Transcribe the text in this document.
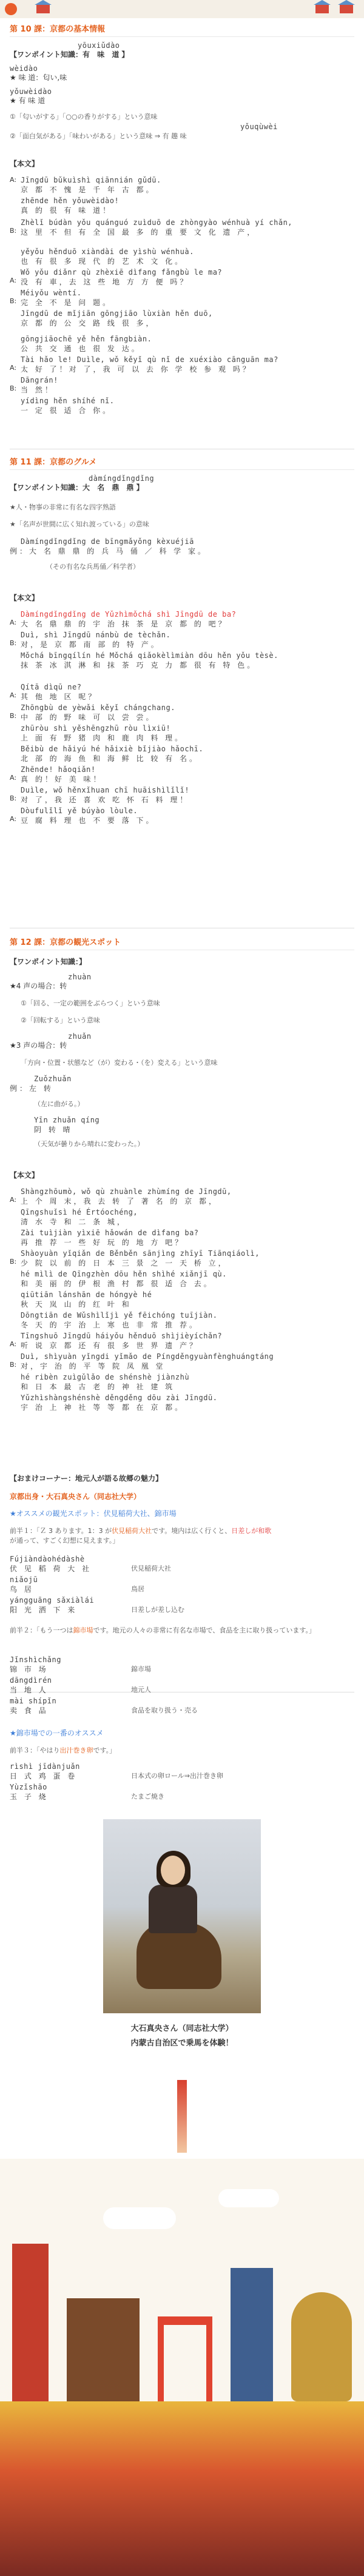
第 10 課：京都の基本情報
yōuxiǔdào
【ワンポイント知識：有 味 道】
wèidào
★ 味 道：匂い,味
yǒuwèidào
★ 有 味 道
①「匂いがする」「○○の香りがする」という意味
yǒuqùwèi
②「面白気がある」「味わいがある」という意味 ⇒ 有 趣 味
【本文】
A: Jīngdū bǔkuìshì qiānnián gǔdū.
京 都 不 愧 是 千 年 古 都。
zhēnde hěn yǒuwèidào!
真 的 很 有 味 道！
B:
Zhèlǐ búdàn yǒu quánguó zuìduō de zhòngyào wénhuà yí chǎn,
这 里 不 但 有 全 国 最 多 的 重 要 文 化 遗 产，
yěyǒu hěnduō xiàndài de yìshù wénhuà.
也 有 很 多 现 代 的 艺 术 文 化。
A:
Wǒ yǒu diǎnr qù zhèxiē dìfang fǎngbù le ma?
没 有 車，去 这 些 地 方 方 便 吗？
B:
Méiyǒu wèntí.
完 全 不 是 问 题。
Jīngdū de mǐjiān gōngjiāo lùxiàn hěn duō,
京 都 的 公 交 路 线 很 多，
gōngjiāochē yě hěn fāngbiàn.
公 共 交 通 也 很 发 达。
A:
Tài hǎo le! Duìle, wǒ kěyǐ qù nǐ de xuéxiào cānguān ma?
太 好 了！对 了，我 可 以 去 你 学 校 参 观 吗？
B:
Dāngrán!
当 然！
yídìng hěn shíhé nǐ.
一 定 很 适 合 你。
第 11 課：京都のグルメ
dàmíngdǐngdǐng
【ワンポイント知識：大 名 鼎 鼎】
★人・物事の非常に有名な四字熟語
★「名声が世間に広く知れ渡っている」の意味
Dàmíngdǐngdǐng de bīngmǎyǒng kèxuéjiā
例：大 名 鼎 鼎 的 兵 马 俑 ／ 科 学 家。
（その有名な兵馬俑／科学者）
【本文】
A:
Dàmíngdǐngdǐng de Yǔzhìmǒchá shì Jīngdū de ba?
大 名 鼎 鼎 的 宇 治 抹 茶 是 京 都 的 吧？
B:
Duì, shì Jīngdū nánbù de tèchǎn.
对，是 京 都 南 部 的 特 产。
Mǒchá bīngqílín hé Mǒchá qiǎokèlìmiàn dōu hěn yǒu tèsè.
抹 茶 冰 淇 淋 和 抹 茶 巧 克 力 都 很 有 特 色。
A:
Qítā dìqū ne?
其 他 地 区 呢？
B:
Zhōngbù de yèwǎi kěyǐ chángchang.
中 部 的 野 味 可 以 尝 尝。
zhūròu shì yěshēngzhū ròu lìxiū!
上 面 有 野 猪 肉 和 鹿 肉 料 理。
Běibù de hǎiyú hé hǎixiè bǐjiào hǎochī.
北 部 的 海 鱼 和 海 鲜 比 较 有 名。
A:
Zhēnde! hǎoqiǎn!
真 的！好 美 味！
B:
Duìle, wǒ hěnxǐhuan chī huāishìlǐlǐ!
对 了，我 还 喜 欢 吃 怀 石 料 理！
A:
Dòufulǐlǐ yě búyào lòule.
豆 腐 料 理 也 不 要 落 下。
第 12 課：京都の観光スポット
【ワンポイント知識：】
zhuàn
★4 声の場合：转
①「回る、一定の範囲をぶらつく」という意味
②「回転する」という意味
zhuǎn
★3 声の場合：转
「方向・位置・状態など（が）変わる・（を）変える」という意味
Zuǒzhuǎn
例：左 转
（左に曲がる。）
Yīn zhuǎn qíng
阴 转 晴
（天気が曇りから晴れに変わった。）
【本文】
A:
Shàngzhōumò, wǒ qù zhuànle zhùmíng de Jīngdū,
上 个 周 末，我 去 转 了 著 名 的 京 都，
Qīngshuǐsì hé Értóochéng,
清 水 寺 和 二 条 城，
Zài tuìjiàn yìxiē hǎowán de dìfang ba?
再 推 荐 一 些 好 玩 的 地 方 吧？
B:
Shàoyuàn yǐqiǎn de Běnběn sānjìng zhīyī Tiānqiáolì,
少 院 以 前 的 日 本 三 景 之 一 天 桥 立，
hé mìlì de Qīngzhèn dōu hěn shìhé xiǎnjī qù.
和 美 丽 的 伊 根 渔 村 都 很 适 合 去。
qiūtiān lánshān de hóngyè hé
秋 天 岚 山 的 红 叶 和
Dōngtiān de Wǔshìlǐjì yě fēichóng tuījiàn.
冬 天 的 宇 治 上 寒 也 非 常 推 荐。
A:
Tīngshuō Jīngdū háiyǒu hěnduō shìjièyíchǎn?
听 说 京 都 还 有 很 多 世 界 遗 产？
B:
Duì, shìyuàn yǐngdi yǐmǎo de Píngděngyuànfènghuángtáng
对，宇 治 的 平 等 院 凤 凰 堂
hé ribèn zuìgǔlǎo de shénshè jiànzhù
和 日 本 最 古 老 的 神 社 建 筑
Yǔzhìshàngshénshè děngděng dōu zài Jīngdū.
宇 治 上 神 社 等 等 都 在 京 都。
【おまけコーナー：地元人が語る故郷の魅力】
京都出身・大石真央さん（同志社大学）
★オススメの観光スポット：伏見稲荷大社、錦市場
前半１：「Ｚ 3 あります。1：3 が伏見稲荷大社です。境内は広く行くと、日差しが和歌
が通って、すごく幻想に見えます。」
Fújiàndàohédàshè
伏 见 稻 荷 大 社	伏見稲荷大社
niǎojū
鸟 居	鳥居
yángguāng sǎxiàlái
阳 光 洒 下 来	日差しが差し込む
前半２：「もう一つは錦市場です。地元の人々の非常に有名な市場で、食品を主に取り扱っています。」
Jǐnshìchǎng
锦 市 场	錦市場
dāngdìrén
当 地 人	地元人
mài shípǐn
卖 食 品	食品を取り扱う・売る
★錦市場での一番のオススメ
前半３：「やはり出汁巻き卵です。」
rìshì jīdànjuǎn
日 式 鸡 蛋 卷	日本式の卵ロール⇒出汁巻き卵
Yùzǐshāo
玉 子 烧	たまご焼き
大石真央さん（同志社大学）
内蒙古自治区で乗馬を体験！
